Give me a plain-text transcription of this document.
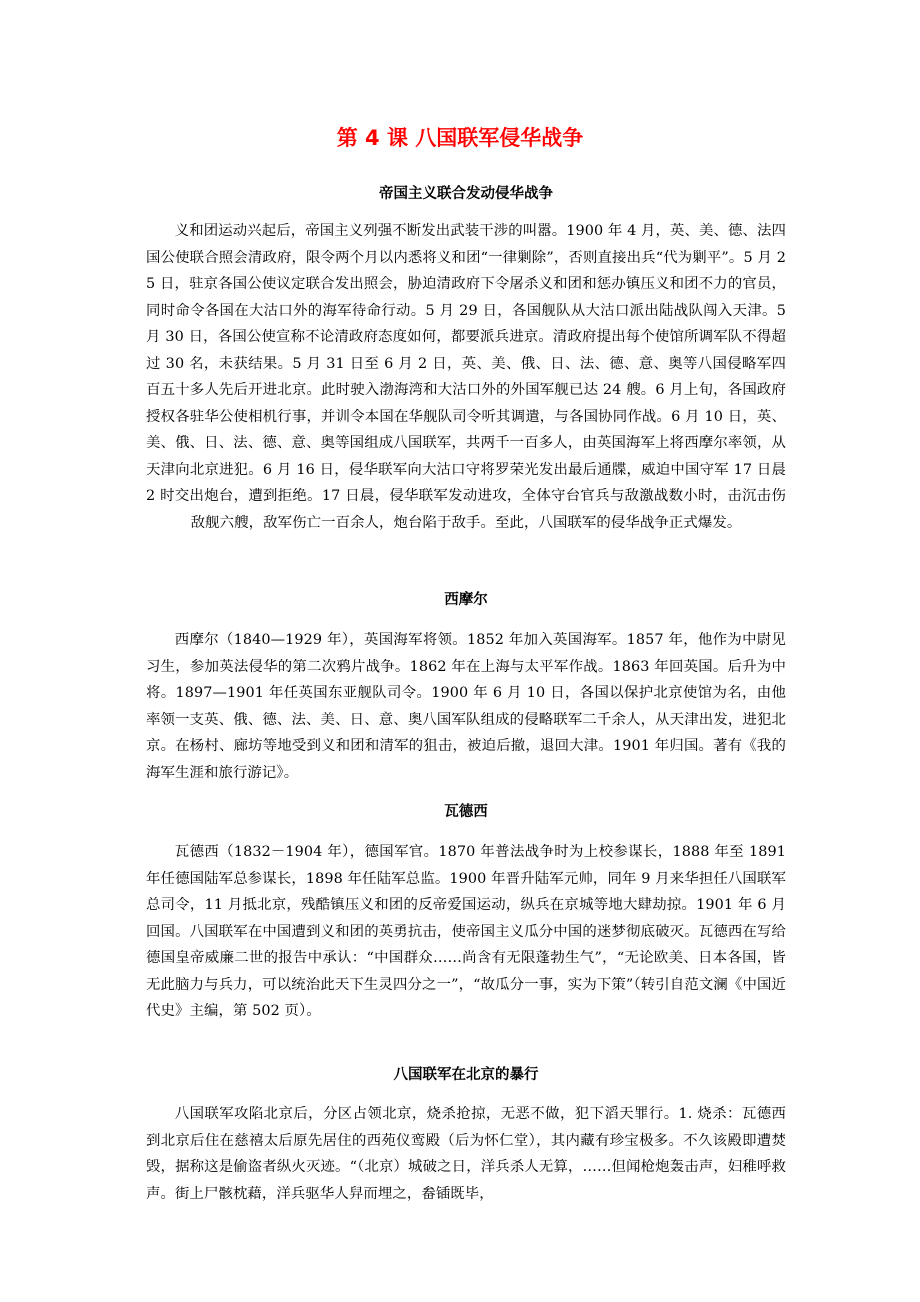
第 4 课 八国联军侵华战争
帝国主义联合发动侵华战争

义和团运动兴起后，帝国主义列强不断发出武装干涉的叫嚣。1900 年 4 月，英、美、德、法四国公使联合照会清政府，限令两个月以内悉将义和团“一律剿除”，否则直接出兵“代为剿平”。5 月 25 日，驻京各国公使议定联合发出照会，胁迫清政府下令屠杀义和团和惩办镇压义和团不力的官员，同时命令各国在大沽口外的海军待命行动。5 月 29 日，各国舰队从大沽口派出陆战队闯入天津。5 月 30 日，各国公使宣称不论清政府态度如何，都要派兵进京。清政府提出每个使馆所调军队不得超过 30 名，未获结果。5 月 31 日至 6 月 2 日，英、美、俄、日、法、德、意、奥等八国侵略军四百五十多人先后开进北京。此时驶入渤海湾和大沽口外的外国军舰已达 24 艘。6 月上旬，各国政府授权各驻华公使相机行事，并训令本国在华舰队司令听其调遣，与各国协同作战。6 月 10 日，英、美、俄、日、法、德、意、奥等国组成八国联军，共两千一百多人，由英国海军上将西摩尔率领，从天津向北京进犯。6 月 16 日，侵华联军向大沽口守将罗荣光发出最后通牒，威迫中国守军 17 日晨 2 时交出炮台，遭到拒绝。17 日晨，侵华联军发动进攻，全体守台官兵与敌激战数小时，击沉击伤敌舰六艘，敌军伤亡一百余人，炮台陷于敌手。至此，八国联军的侵华战争正式爆发。

西摩尔

西摩尔（1840—1929 年），英国海军将领。1852 年加入英国海军。1857 年，他作为中尉见习生，参加英法侵华的第二次鸦片战争。1862 年在上海与太平军作战。1863 年回英国。后升为中将。1897—1901 年任英国东亚舰队司令。1900 年 6 月 10 日，各国以保护北京使馆为名，由他率领一支英、俄、德、法、美、日、意、奥八国军队组成的侵略联军二千余人，从天津出发，进犯北京。在杨村、廊坊等地受到义和团和清军的狙击，被迫后撤，退回大津。1901 年归国。著有《我的海军生涯和旅行游记》。

瓦德西

瓦德西（1832－1904 年），德国军官。1870 年普法战争时为上校参谋长，1888 年至 1891 年任德国陆军总参谋长，1898 年任陆军总监。1900 年晋升陆军元帅，同年 9 月来华担任八国联军总司令，11 月抵北京，残酷镇压义和团的反帝爱国运动，纵兵在京城等地大肆劫掠。1901 年 6 月回国。八国联军在中国遭到义和团的英勇抗击，使帝国主义瓜分中国的迷梦彻底破灭。瓦德西在写给德国皇帝威廉二世的报告中承认：“中国群众……尚含有无限蓬勃生气”，“无论欧美、日本各国，皆无此脑力与兵力，可以统治此天下生灵四分之一”，“故瓜分一事，实为下策”（转引自范文澜《中国近代史》主编，第 502 页）。

八国联军在北京的暴行

八国联军攻陷北京后，分区占领北京，烧杀抢掠，无恶不做，犯下滔天罪行。1. 烧杀：瓦德西到北京后住在慈禧太后原先居住的西苑仪鸾殿（后为怀仁堂），其内藏有珍宝极多。不久该殿即遭焚毁，据称这是偷盗者纵火灭迹。“（北京）城破之日，洋兵杀人无算，……但闻枪炮轰击声，妇稚呼救声。街上尸骸枕藉，洋兵驱华人舁而埋之，畚锸既毕，
